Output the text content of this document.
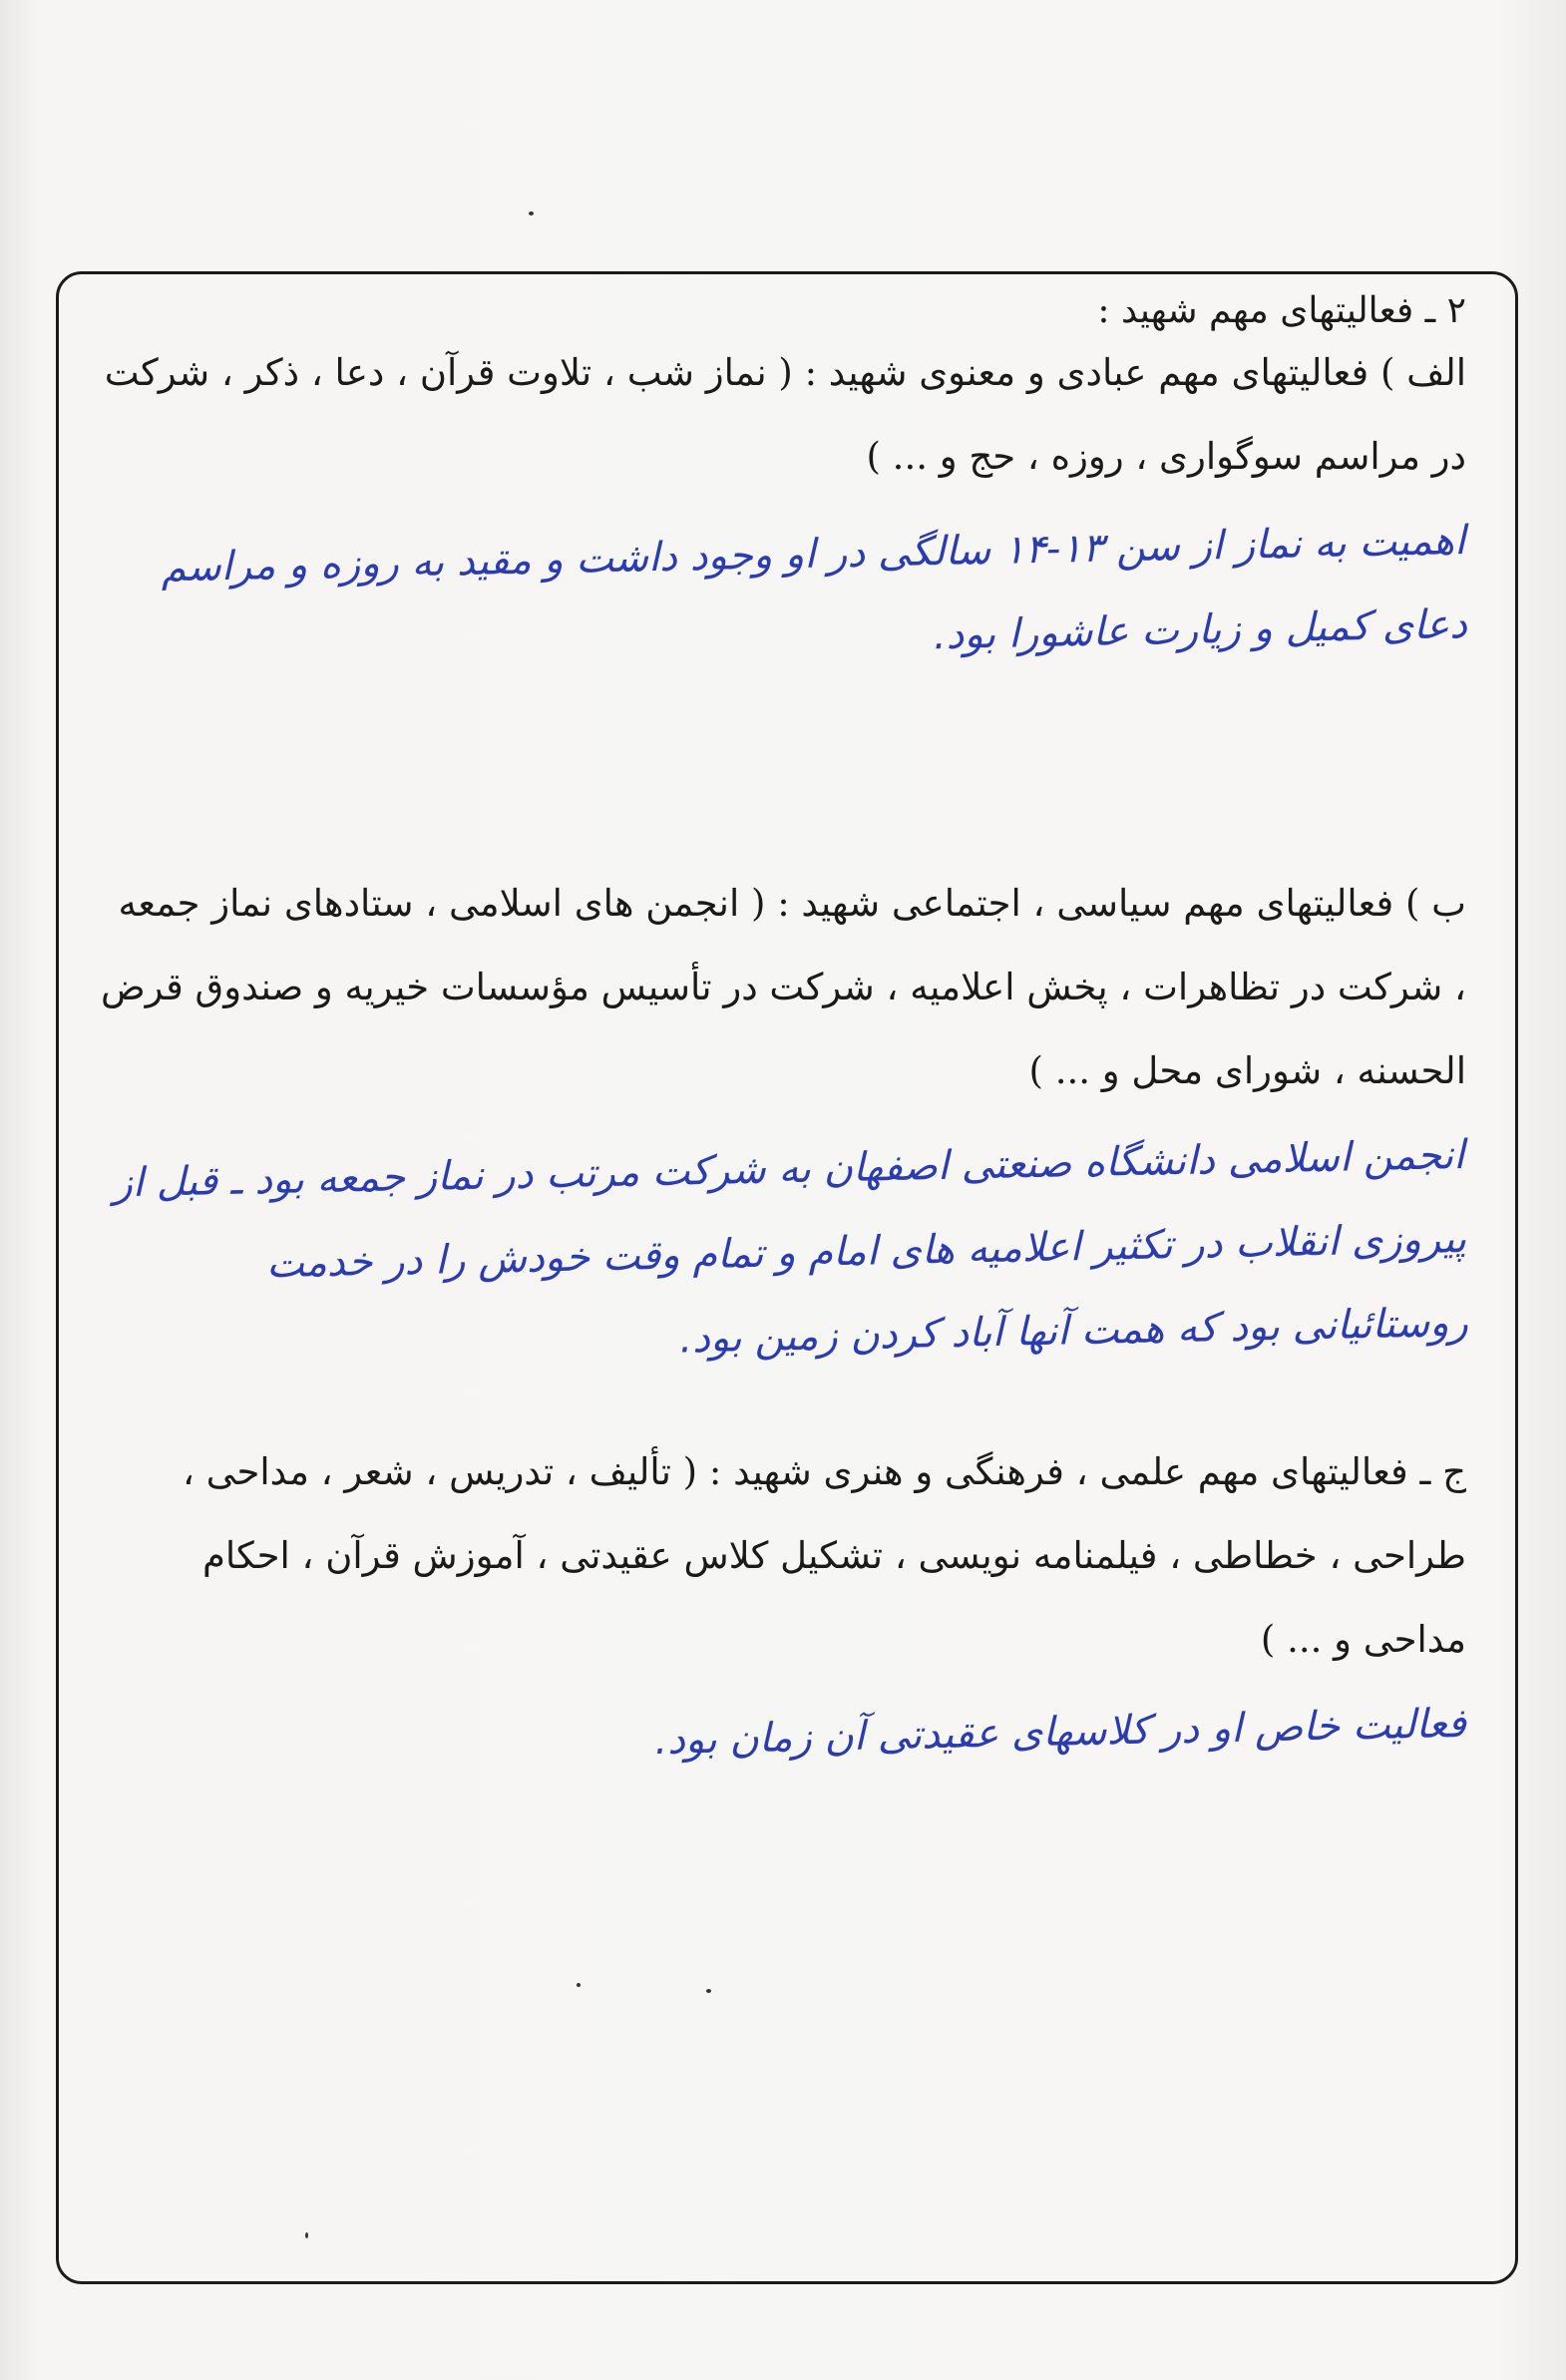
۲ ـ فعالیتهای مهم شهید :

الف ) فعالیتهای مهم عبادی و معنوی شهید : ( نماز شب ، تلاوت قرآن ، دعا ، ذکر ، شرکت در مراسم سوگواری ، روزه ، حج و ... )

اهمیت به نماز از سن ۱۳-۱۴ سالگی در او وجود داشت و مقید به روزه و مراسم دعای کمیل و زیارت عاشورا بود.

ب ) فعالیتهای مهم سیاسی ، اجتماعی شهید : ( انجمن های اسلامی ، ستادهای نماز جمعه ، شرکت در تظاهرات ، پخش اعلامیه ، شرکت در تأسیس مؤسسات خیریه و صندوق قرض الحسنه ، شورای محل و ... )

انجمن اسلامی دانشگاه صنعتی اصفهان به شرکت مرتب در نماز جمعه بود ـ قبل از پیروزی انقلاب در تکثیر اعلامیه های امام و تمام وقت خودش را در خدمت روستائیانی بود که همت آنها آباد کردن زمین بود.

ج ـ فعالیتهای مهم علمی ، فرهنگی و هنری شهید : ( تألیف ، تدریس ، شعر ، مداحی ، طراحی ، خطاطی ، فیلمنامه نویسی ، تشکیل کلاس عقیدتی ، آموزش قرآن ، احکام مداحی و ... )

فعالیت خاص او در کلاسهای عقیدتی آن زمان بود.
